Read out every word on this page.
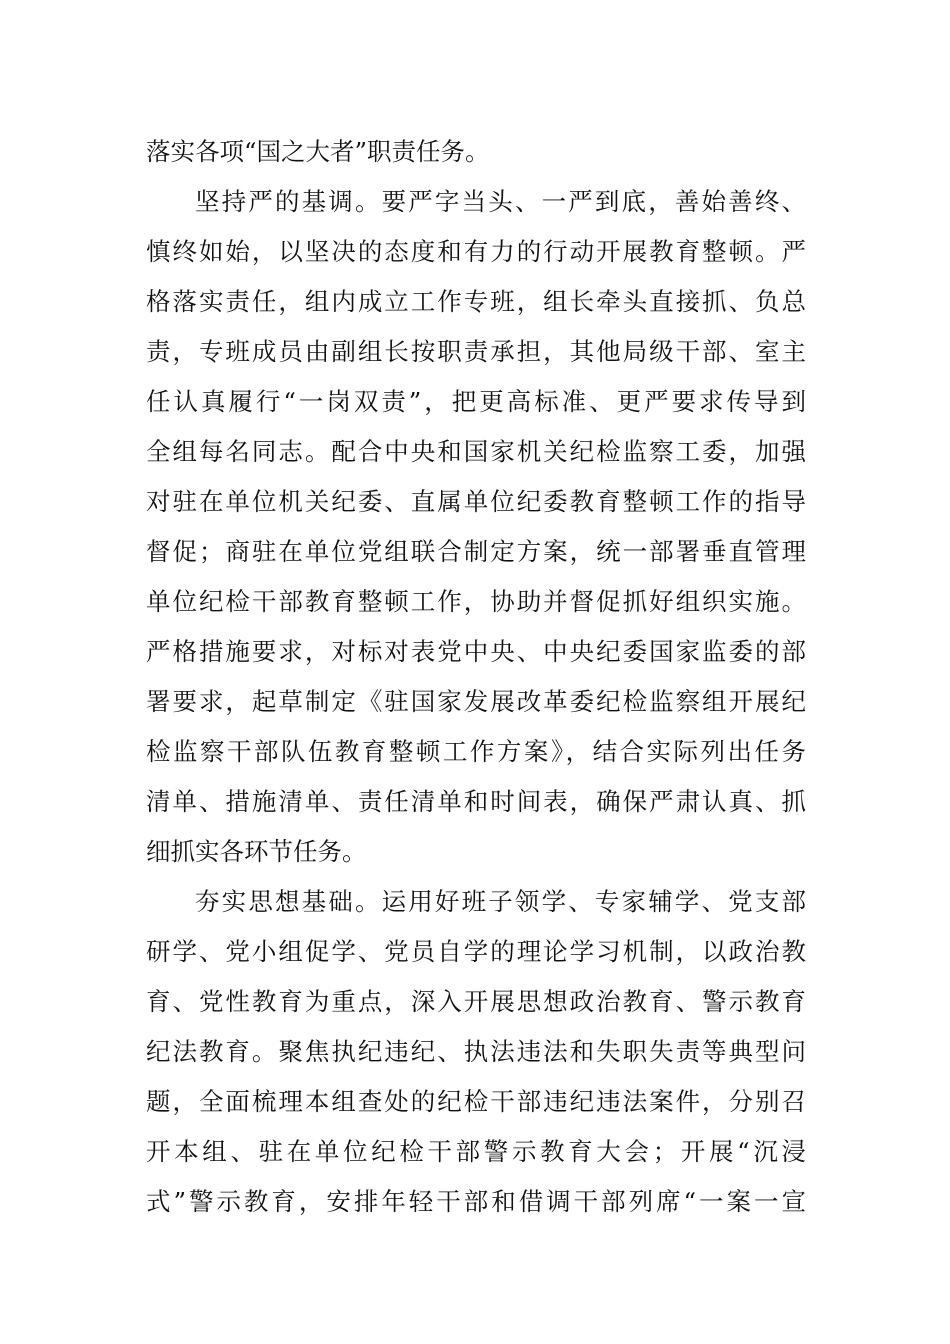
落实各项“国之大者”职责任务。
坚持严的基调。要严字当头、一严到底，善始善终、
慎终如始，以坚决的态度和有力的行动开展教育整顿。严
格落实责任，组内成立工作专班，组长牵头直接抓、负总
责，专班成员由副组长按职责承担，其他局级干部、室主
任认真履行“一岗双责”，把更高标准、更严要求传导到
全组每名同志。配合中央和国家机关纪检监察工委，加强
对驻在单位机关纪委、直属单位纪委教育整顿工作的指导
督促；商驻在单位党组联合制定方案，统一部署垂直管理
单位纪检干部教育整顿工作，协助并督促抓好组织实施。
严格措施要求，对标对表党中央、中央纪委国家监委的部
署要求，起草制定《驻国家发展改革委纪检监察组开展纪
检监察干部队伍教育整顿工作方案》，结合实际列出任务
清单、措施清单、责任清单和时间表，确保严肃认真、抓
细抓实各环节任务。
夯实思想基础。运用好班子领学、专家辅学、党支部
研学、党小组促学、党员自学的理论学习机制，以政治教
育、党性教育为重点，深入开展思想政治教育、警示教育
纪法教育。聚焦执纪违纪、执法违法和失职失责等典型问
题，全面梳理本组查处的纪检干部违纪违法案件，分别召
开本组、驻在单位纪检干部警示教育大会；开展“沉浸
式”警示教育，安排年轻干部和借调干部列席“一案一宣
